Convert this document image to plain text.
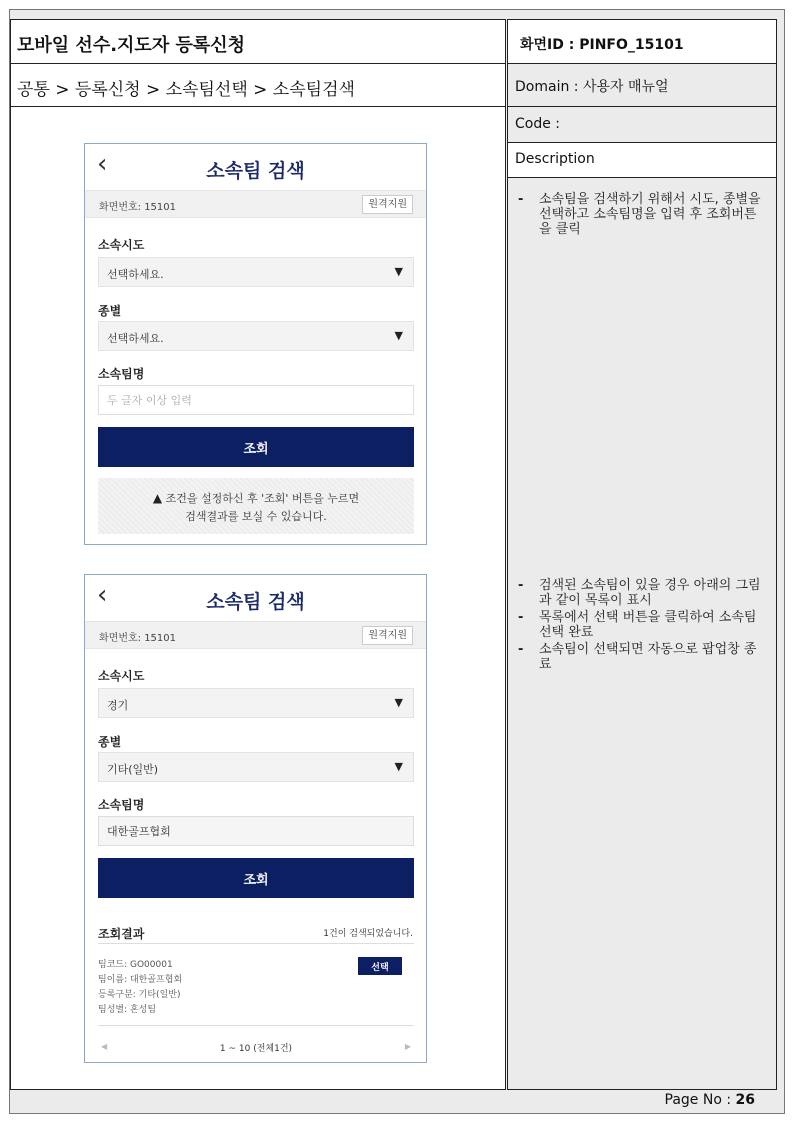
모바일 선수.지도자 등록신청
공통 > 등록신청 > 소속팀선택 > 소속팀검색
화면ID : PINFO_15101
Domain : 사용자 매뉴얼
Code :
Description
- 소속팀을 검색하기 위해서 시도, 종별을 선택하고 소속팀명을 입력 후 조회버튼을 클릭
- 검색된 소속팀이 있을 경우 아래의 그림과 같이 목록이 표시
- 목록에서 선택 버튼을 클릭하여 소속팀 선택 완료
- 소속팀이 선택되면 자동으로 팝업창 종료
Page No : 26
‹	소속팀 검색
화면번호: 15101	원격지원
소속시도
선택하세요.	▼
종별
선택하세요.	▼
소속팀명
두 글자 이상 입력
조회
▲ 조건을 설정하신 후 '조회' 버튼을 누르면
검색결과를 보실 수 있습니다.
‹	소속팀 검색
화면번호: 15101	원격지원
소속시도
경기	▼
종별
기타(일반)	▼
소속팀명
대한골프협회
조회
조회결과	1건이 검색되었습니다.
팀코드: GO00001
팀이름: 대한골프협회
등록구분: 기타(일반)
팀성별: 혼성팀
선택
◀	1 ~ 10 (전체1건)	▶
